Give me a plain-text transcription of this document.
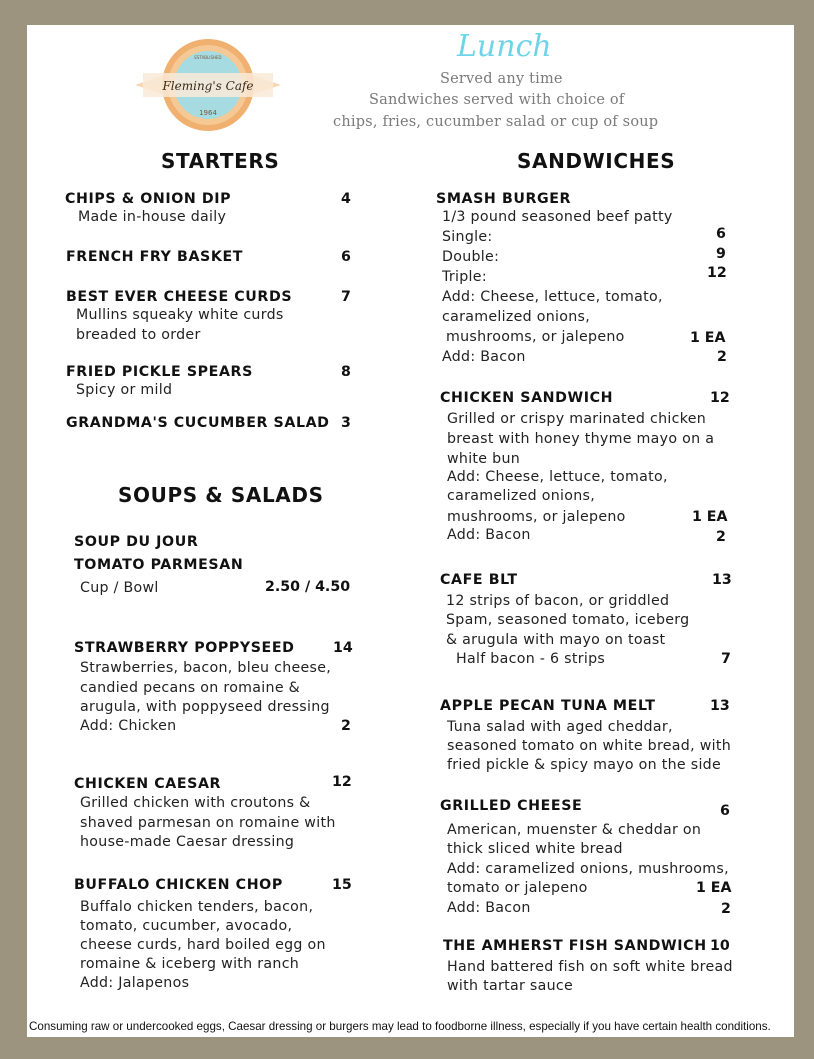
Fleming's Cafe
1964
ESTABLISHED	Lunch
Served any time
Sandwiches served with choice of
chips, fries, cucumber salad or cup of soup
STARTERS
CHIPS & ONION DIP	4
Made in-house daily
FRENCH FRY BASKET	6
BEST EVER CHEESE CURDS	7
Mullins squeaky white curds
breaded to order
FRIED PICKLE SPEARS	8
Spicy or mild
GRANDMA'S CUCUMBER SALAD 3
SOUPS & SALADS
SOUP DU JOUR
TOMATO PARMESAN
Cup / Bowl	2.50 / 4.50
STRAWBERRY POPPYSEED	14
Strawberries, bacon, bleu cheese,
candied pecans on romaine &
arugula, with poppyseed dressing
Add: Chicken	2
CHICKEN CAESAR	12
Grilled chicken with croutons &
shaved parmesan on romaine with
house-made Caesar dressing
BUFFALO CHICKEN CHOP	15
Buffalo chicken tenders, bacon,
tomato, cucumber, avocado,
cheese curds, hard boiled egg on
romaine & iceberg with ranch
Add: Jalapenos
SANDWICHES
SMASH BURGER
1/3 pound seasoned beef patty
Single:	6
Double:	9
Triple:	12
Add: Cheese, lettuce, tomato,
caramelized onions,
mushrooms, or jalepeno	1 EA
Add: Bacon	2
CHICKEN SANDWICH	12
Grilled or crispy marinated chicken
breast with honey thyme mayo on a
white bun
Add: Cheese, lettuce, tomato,
caramelized onions,
mushrooms, or jalepeno	1 EA
Add: Bacon	2
CAFE BLT	13
12 strips of bacon, or griddled
Spam, seasoned tomato, iceberg
& arugula with mayo on toast
Half bacon - 6 strips	7
APPLE PECAN TUNA MELT	13
Tuna salad with aged cheddar,
seasoned tomato on white bread, with
fried pickle & spicy mayo on the side
GRILLED CHEESE	6
American, muenster & cheddar on
thick sliced white bread
Add: caramelized onions, mushrooms,
tomato or jalepeno	1 EA
Add: Bacon	2
THE AMHERST FISH SANDWICH 10
Hand battered fish on soft white bread
with tartar sauce
Consuming raw or undercooked eggs, Caesar dressing or burgers may lead to foodborne illness, especially if you have certain health conditions.
